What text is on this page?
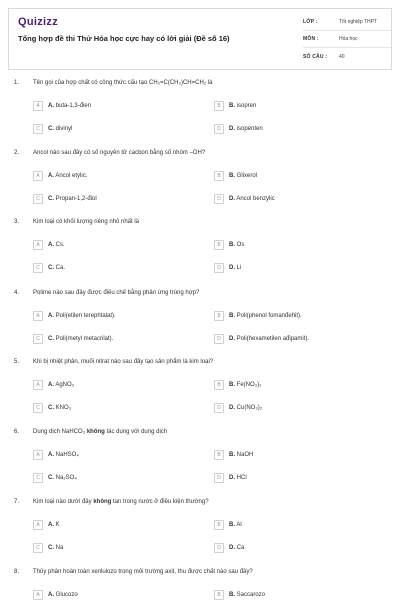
Quizizz
Tổng hợp đề thi Thử Hóa học cực hay có lời giải (Đề số 16)
LỚP :	Tốt nghiệp THPT
MÔN :	Hóa học
SỐ CÂU :	40
1. Tên gọi của hợp chất có công thức cấu tạo CH₂=C(CH₃)CH=CH₂ là
A	A. buta-1,3-đien	B	B. isopren
C	C. divinyl	D	D. isopenten
2. Ancol nào sau đây có số nguyên tử cacbon bằng số nhóm –OH?
A	A. Ancol etylic.	B	B. Glixerol
C	C. Propan-1,2-điol	D	D. Ancol benzylic
3. Kim loại có khối lượng riêng nhỏ nhất là
A	A. Cs.	B	B. Os
C	C. Ca.	D	D. Li
4. Polime nào sau đây được điều chế bằng phản ứng trùng hợp?
A	A. Poli(etilen terephtalat).	B	B. Poli(phenol fomanđehit).
C	C. Poli(metyl metacrilat).	D	D. Poli(hexametilen ađipamit).
5. Khi bị nhiệt phân, muối nitrat nào sau đây tạo sản phẩm là kim loại?
A	A. AgNO₃	B	B. Fe(NO₃)₂
C	C. KNO₃	D	D. Cu(NO₃)₂
6. Dung dịch NaHCO₃ không tác dụng với dung dịch
A	A. NaHSO₄	B	B. NaOH
C	C. Na₂SO₄	D	D. HCl
7. Kim loại nào dưới đây không tan trong nước ở điều kiện thường?
A	A. K	B	B. Al
C	C. Na	D	D. Ca
8. Thủy phân hoàn toàn xenlulozo trong môi trường axit, thu được chất nào sau đây?
A	A. Glucozo	B	B. Saccarozo
